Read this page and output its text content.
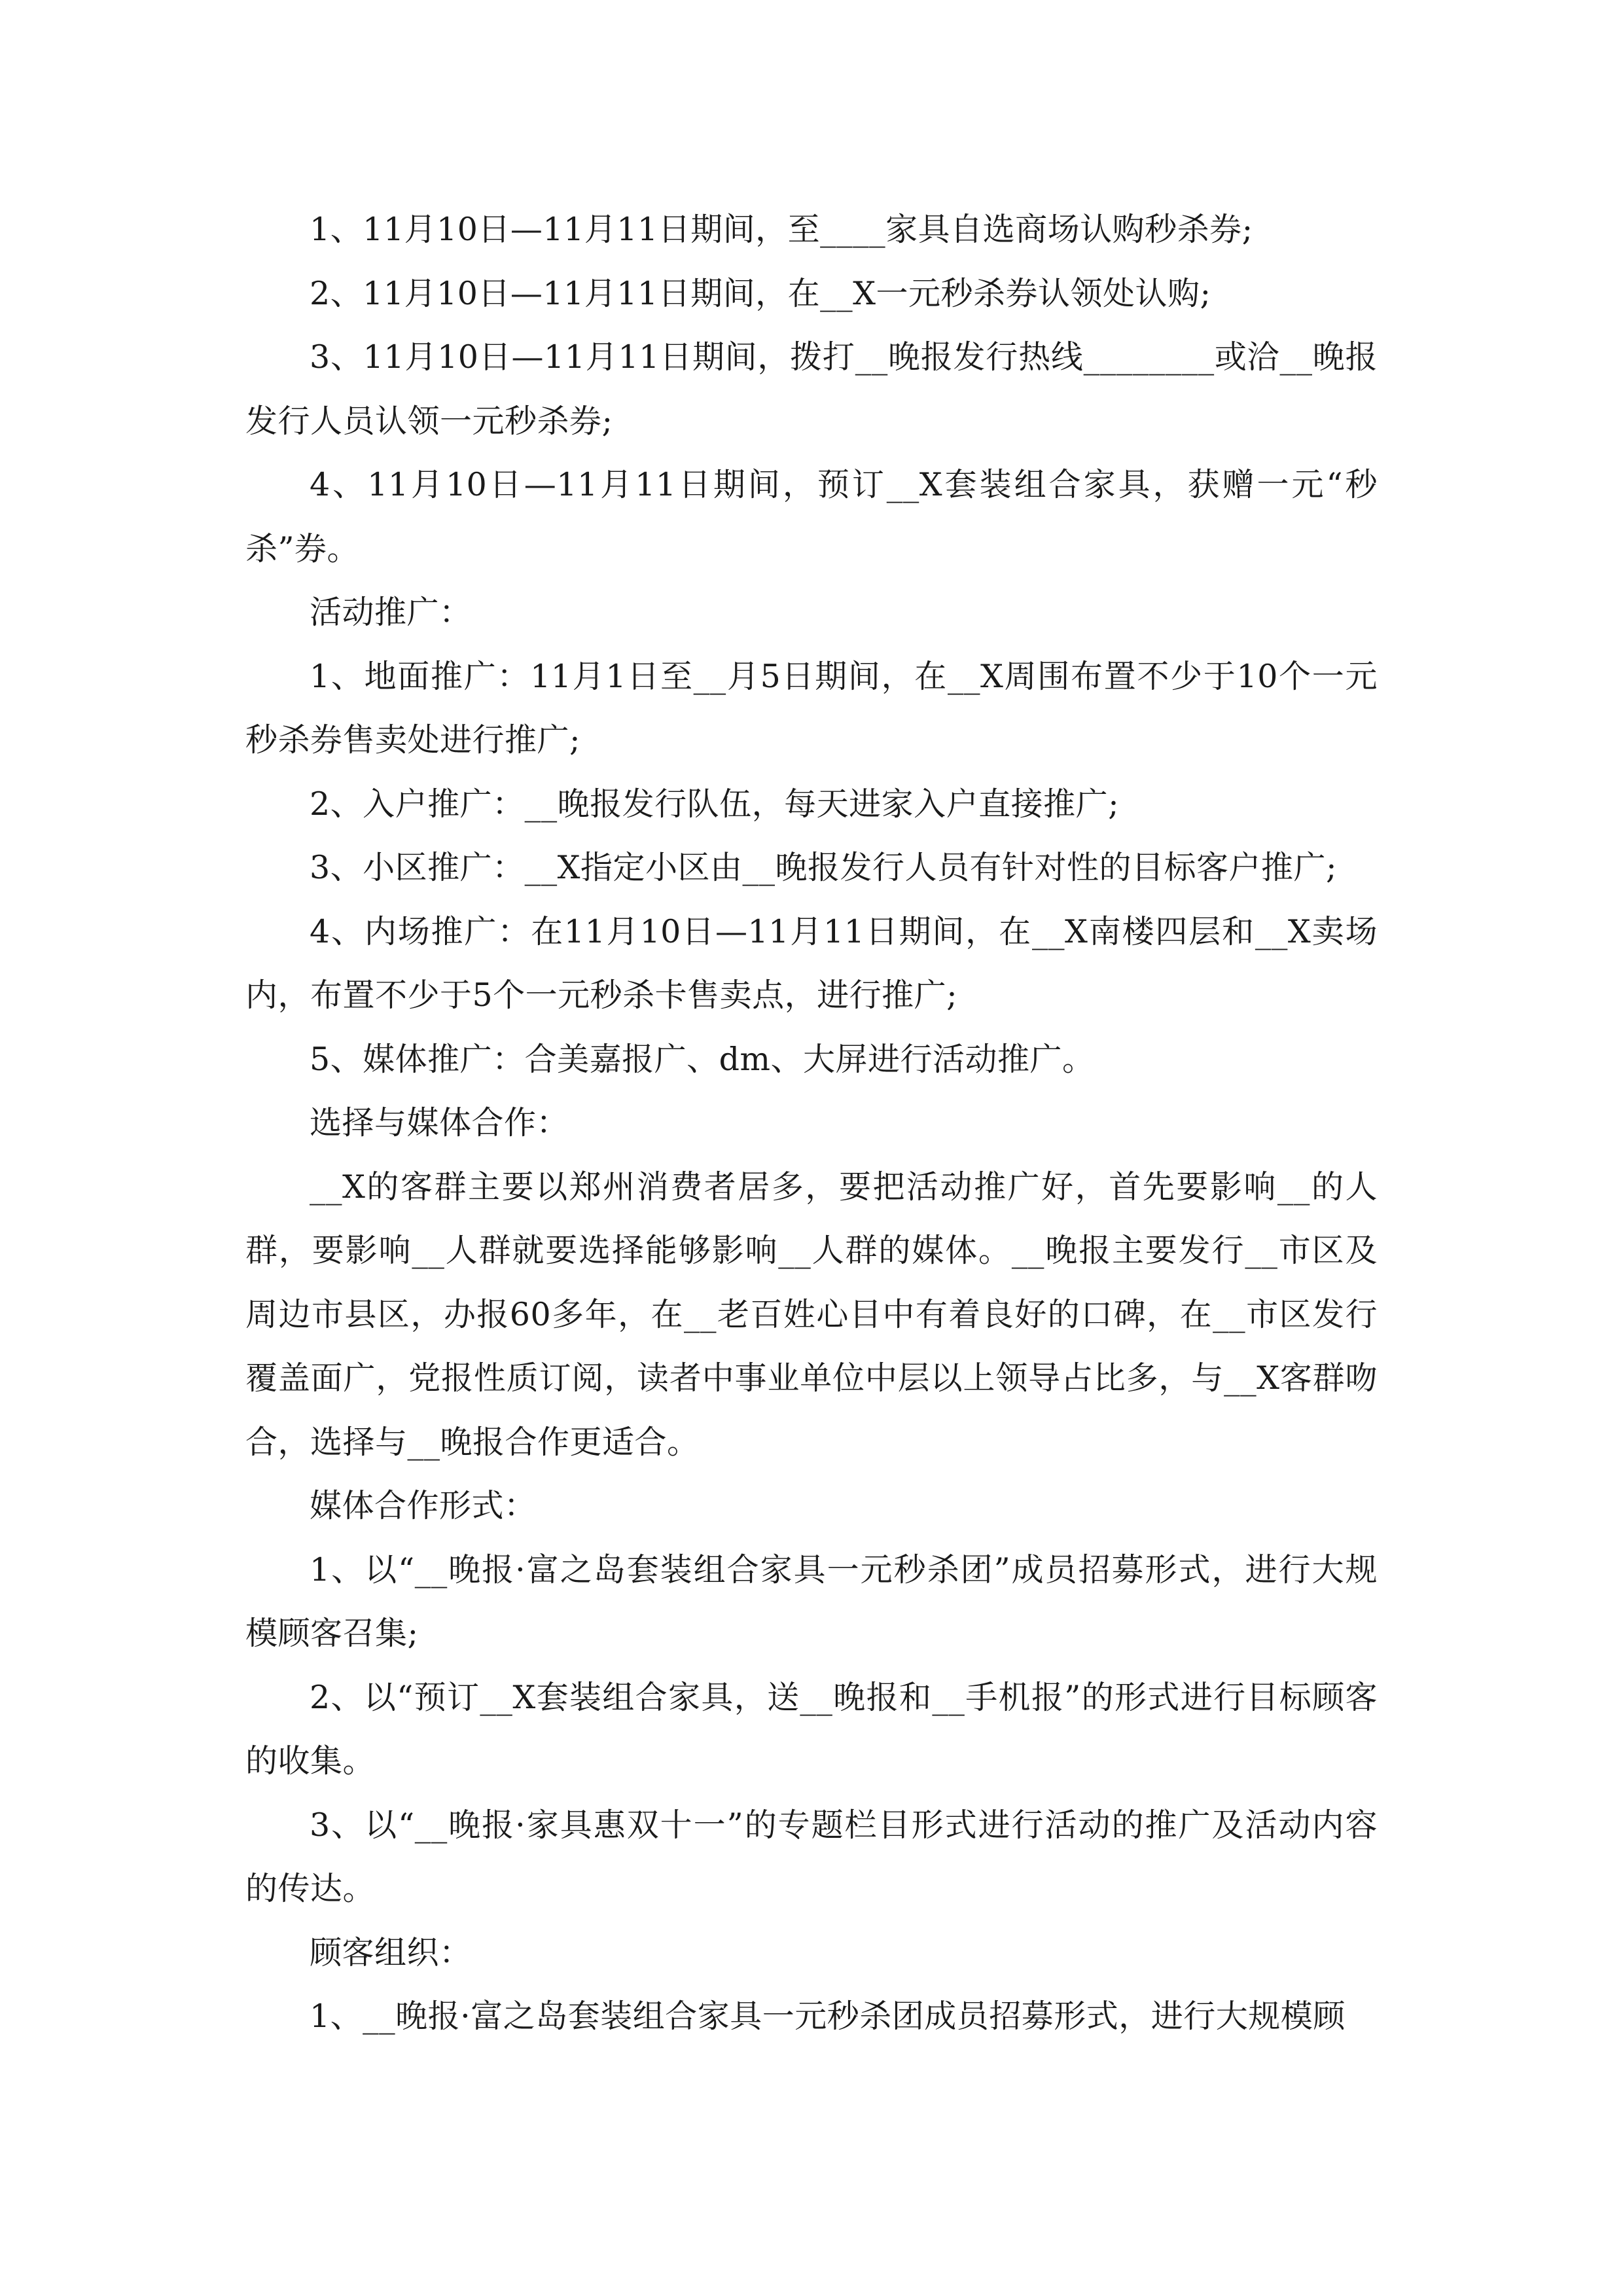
1、11月10日—11月11日期间，至____家具自选商场认购秒杀券;

2、11月10日—11月11日期间，在__X一元秒杀券认领处认购;

3、11月10日—11月11日期间，拨打__晚报发行热线________或洽__晚报发行人员认领一元秒杀券;

4、11月10日—11月11日期间，预订__X套装组合家具，获赠一元“秒杀”券。

活动推广：

1、地面推广：11月1日至__月5日期间，在__X周围布置不少于10个一元秒杀券售卖处进行推广;

2、入户推广：__晚报发行队伍，每天进家入户直接推广;

3、小区推广：__X指定小区由__晚报发行人员有针对性的目标客户推广;

4、内场推广：在11月10日—11月11日期间，在__X南楼四层和__X卖场内，布置不少于5个一元秒杀卡售卖点，进行推广;

5、媒体推广：合美嘉报广、dm、大屏进行活动推广。

选择与媒体合作：

__X的客群主要以郑州消费者居多，要把活动推广好，首先要影响__的人群，要影响__人群就要选择能够影响__人群的媒体。__晚报主要发行__市区及周边市县区，办报60多年，在__老百姓心目中有着良好的口碑，在__市区发行覆盖面广，党报性质订阅，读者中事业单位中层以上领导占比多，与__X客群吻合，选择与__晚报合作更适合。

媒体合作形式：

1、以“__晚报·富之岛套装组合家具一元秒杀团”成员招募形式，进行大规模顾客召集;

2、以“预订__X套装组合家具，送__晚报和__手机报”的形式进行目标顾客的收集。

3、以“__晚报·家具惠双十一”的专题栏目形式进行活动的推广及活动内容的传达。

顾客组织：

1、__晚报·富之岛套装组合家具一元秒杀团成员招募形式，进行大规模顾
